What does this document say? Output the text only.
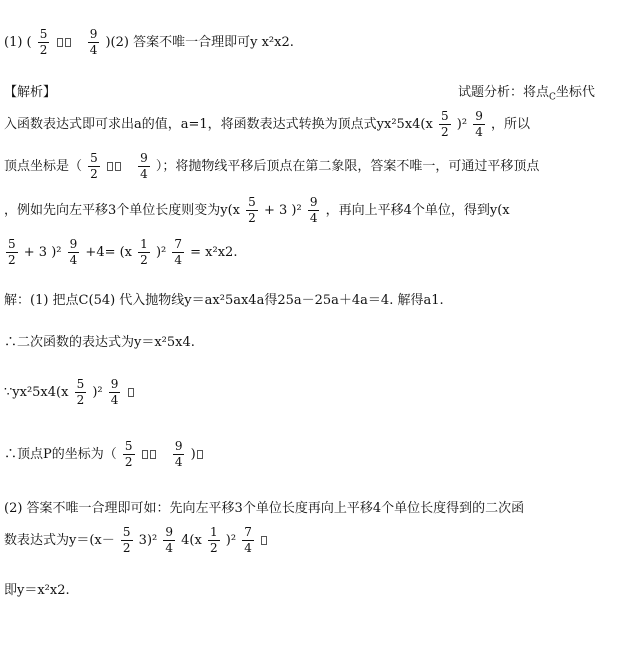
(1) ( $\frac{5}{2}$
	$\frac{9}{4} )(2)$ 答案不唯一合理即可y x²x2.
【解析】	试题分析：将点$_C$坐标代
入函数表达式即可求出a的值，a=1，将函数表达式转换为顶点式$yx^25x4(x \frac{5}{2} )^2 \frac{9}{4}$ ，所以
顶点坐标是（ $\frac{5}{2}$
	$\frac{9}{4}$ ）；将抛物线平移后顶点在第二象限，答案不唯一，可通过平移顶点
，例如先向左平移3个单位长度则变为$y(x \frac{5}{2} + 3$ )$^2 \frac{9}{4}$ ，再向上平移4个单位，得到y(x
$\frac{5}{2} + 3$ )$^2 \frac{9}{4} +4= (x \frac{1}{2} )^2 \frac{7}{4} = x^2x2$.
解：(1) 把点C(54) 代入抛物线y＝ax²5ax4a得25a－25a＋4a＝4. 解得a1.
∴二次函数的表达式为y＝x²5x4.
∵yx²5x4(x $\frac{5}{2} )^2 \frac{9}{4}$

∴顶点P的坐标为（ $\frac{5}{2}$
	$\frac{9}{4}$ )
(2) 答案不唯一合理即可如：先向左平移3个单位长度再向上平移4个单位长度得到的二次函
数表达式为$y=(x- \frac{5}{2} 3)^2 \frac{9}{4} 4(x \frac{1}{2} )^2 \frac{7}{4}$

即y＝x²x2.
